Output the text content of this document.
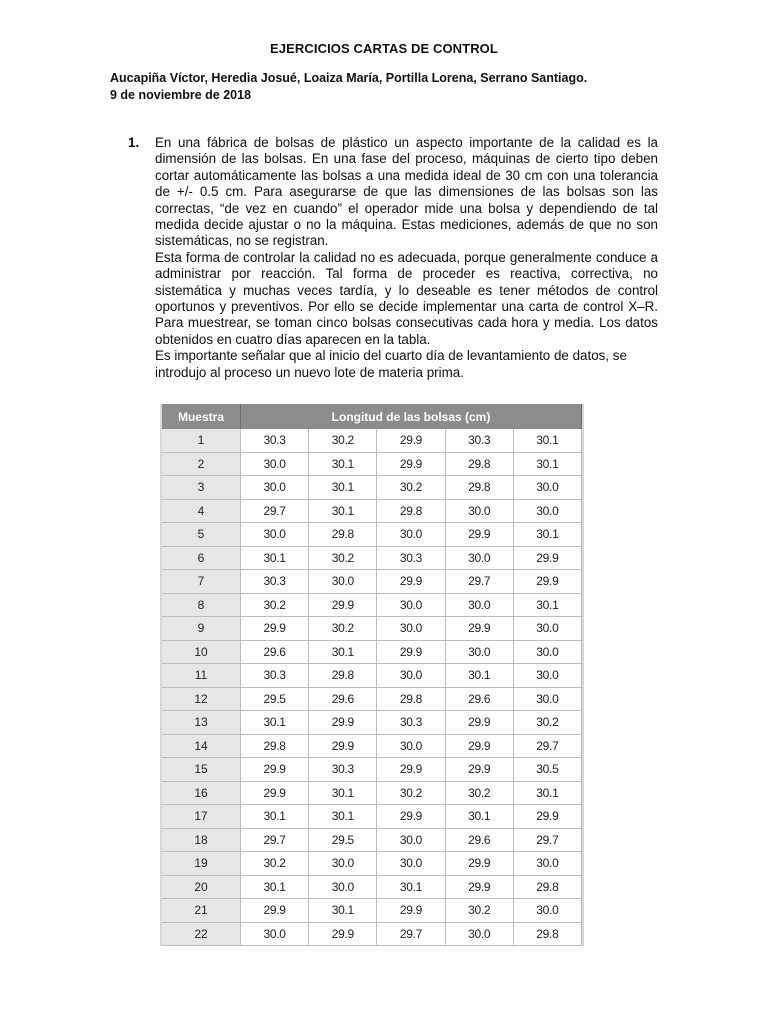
EJERCICIOS CARTAS DE CONTROL
Aucapiña Víctor, Heredia Josué, Loaiza María, Portilla Lorena, Serrano Santiago.
9 de noviembre de 2018
1. En una fábrica de bolsas de plástico un aspecto importante de la calidad es la dimensión de las bolsas. En una fase del proceso, máquinas de cierto tipo deben cortar automáticamente las bolsas a una medida ideal de 30 cm con una tolerancia de +/- 0.5 cm. Para asegurarse de que las dimensiones de las bolsas son las correctas, “de vez en cuando” el operador mide una bolsa y dependiendo de tal medida decide ajustar o no la máquina. Estas mediciones, además de que no son sistemáticas, no se registran.

Esta forma de controlar la calidad no es adecuada, porque generalmente conduce a administrar por reacción. Tal forma de proceder es reactiva, correctiva, no sistemática y muchas veces tardía, y lo deseable es tener métodos de control oportunos y preventivos. Por ello se decide implementar una carta de control X–R. Para muestrear, se toman cinco bolsas consecutivas cada hora y media. Los datos obtenidos en cuatro días aparecen en la tabla.

Es importante señalar que al inicio del cuarto día de levantamiento de datos, se introdujo al proceso un nuevo lote de materia prima.

Muestra	Longitud de las bolsas (cm)				
1	30.3	30.2	29.9	30.3	30.1
2	30.0	30.1	29.9	29.8	30.1
3	30.0	30.1	30.2	29.8	30.0
4	29.7	30.1	29.8	30.0	30.0
5	30.0	29.8	30.0	29.9	30.1
6	30.1	30.2	30.3	30.0	29.9
7	30.3	30.0	29.9	29.7	29.9
8	30.2	29.9	30.0	30.0	30.1
9	29.9	30.2	30.0	29.9	30.0
10	29.6	30.1	29.9	30.0	30.0
11	30.3	29.8	30.0	30.1	30.0
12	29.5	29.6	29.8	29.6	30.0
13	30.1	29.9	30.3	29.9	30.2
14	29.8	29.9	30.0	29.9	29.7
15	29.9	30.3	29.9	29.9	30.5
16	29.9	30.1	30.2	30.2	30.1
17	30.1	30.1	29.9	30.1	29.9
18	29.7	29.5	30.0	29.6	29.7
19	30.2	30.0	30.0	29.9	30.0
20	30.1	30.0	30.1	29.9	29.8
21	29.9	30.1	29.9	30.2	30.0
22	30.0	29.9	29.7	30.0	29.8
